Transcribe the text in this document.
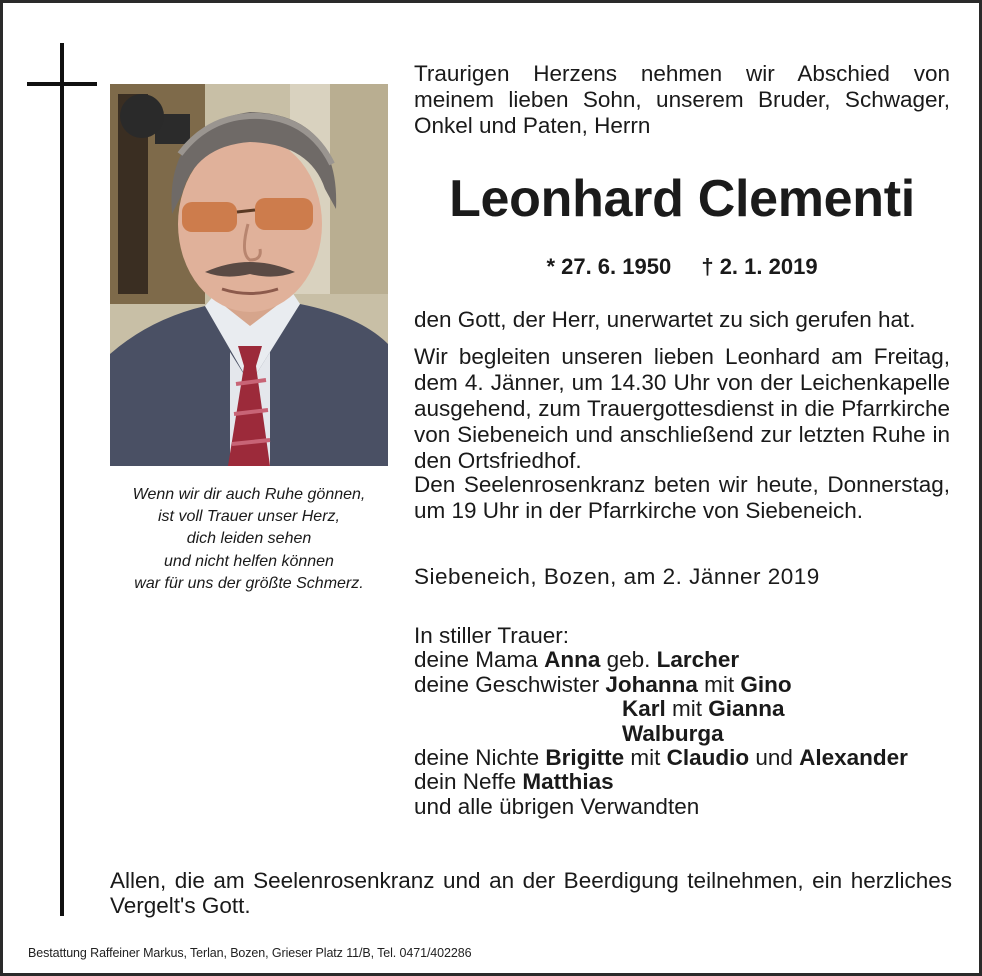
Wenn wir dir auch Ruhe gönnen,
ist voll Trauer unser Herz,
dich leiden sehen
und nicht helfen können
war für uns der größte Schmerz.
Traurigen Herzens nehmen wir Abschied von
meinem lieben Sohn, unserem Bruder, Schwager,
Onkel und Paten, Herrn
Leonhard Clementi
* 27. 6. 1950 † 2. 1. 2019
den Gott, der Herr, unerwartet zu sich gerufen hat.
Wir begleiten unseren lieben Leonhard am Freitag, dem 4. Jänner, um 14.30 Uhr von der Leichenkapelle ausgehend, zum Trauergottesdienst in die Pfarrkirche von Siebeneich und anschließend zur letzten Ruhe in den Ortsfriedhof.
Den Seelenrosenkranz beten wir heute, Donnerstag, um 19 Uhr in der Pfarrkirche von Siebeneich.
Siebeneich, Bozen, am 2. Jänner 2019
In stiller Trauer:
deine Mama Anna geb. Larcher
deine Geschwister Johanna mit Gino
Karl mit Gianna
Walburga
deine Nichte Brigitte mit Claudio und Alexander
dein Neffe Matthias
und alle übrigen Verwandten
Allen, die am Seelenrosenkranz und an der Beerdigung teilnehmen, ein herzliches Vergelt's Gott.
Bestattung Raffeiner Markus, Terlan, Bozen, Grieser Platz 11/B, Tel. 0471/402286
